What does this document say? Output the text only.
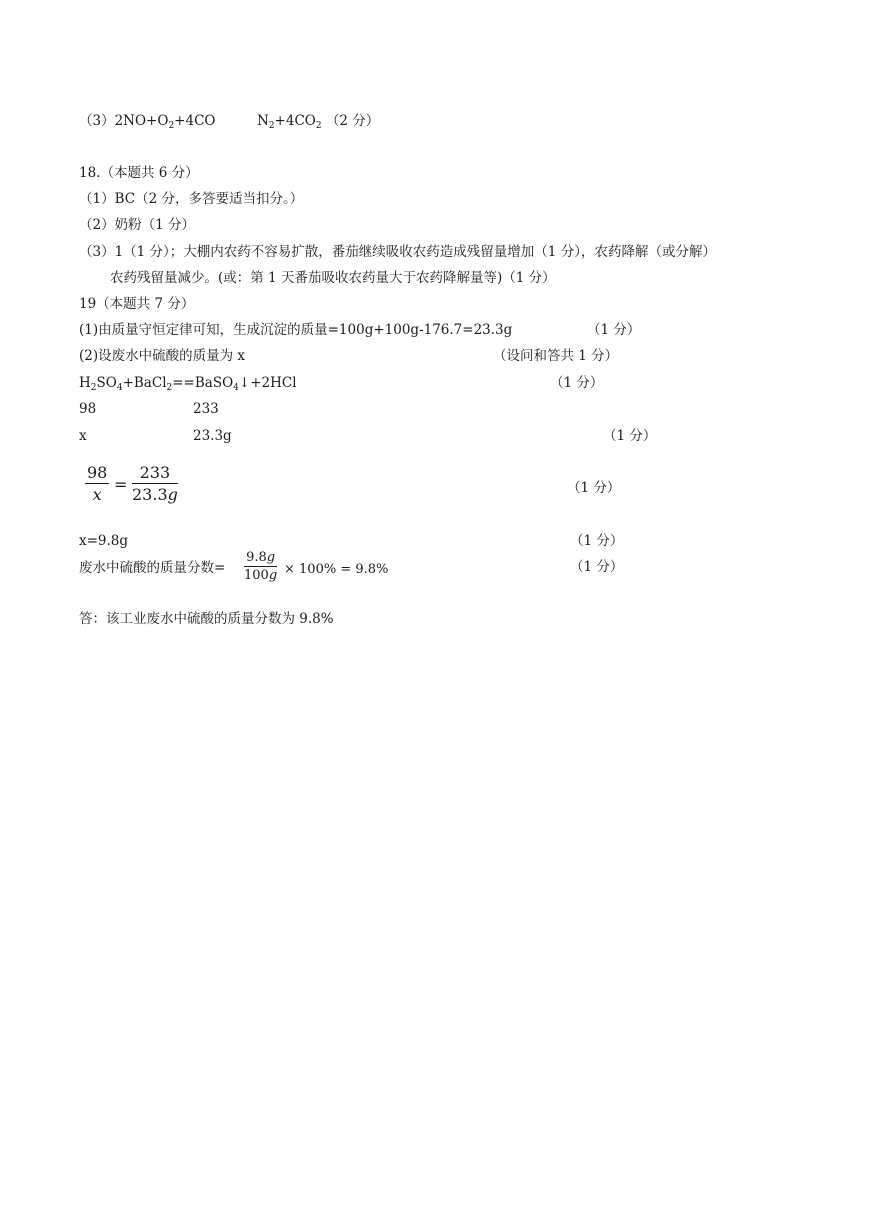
$(3)2NO+O_2+4CO$	$N_2+4CO_2$ （2 分）
18.（本题共 6 分）
（1）BC（2 分，多答要适当扣分。）
（2）奶粉（1 分）
（3）1（1 分）；大棚内农药不容易扩散，番茄继续吸收农药造成残留量增加（1 分），农药降解（或分解）
农药残留量减少。(或：第 1 天番茄吸收农药量大于农药降解量等)（1 分）
19（本题共 7 分）
(1)由质量守恒定律可知，生成沉淀的质量=100g+100g-176.7=23.3g	（1 分）
(2)设废水中硫酸的质量为 x	（设问和答共 1 分）
$H_2SO_4+BaCl_2==BaSO_4↓+2HCl$	（1 分）
98	233
x	23.3g	（1 分）
98
x
=
233
23.3g	（1 分）
x=9.8g	（1 分）
废水中硫酸的质量分数=
9.8g
100g × 100% = 9.8%	（1 分）
答：该工业废水中硫酸的质量分数为 9.8%
